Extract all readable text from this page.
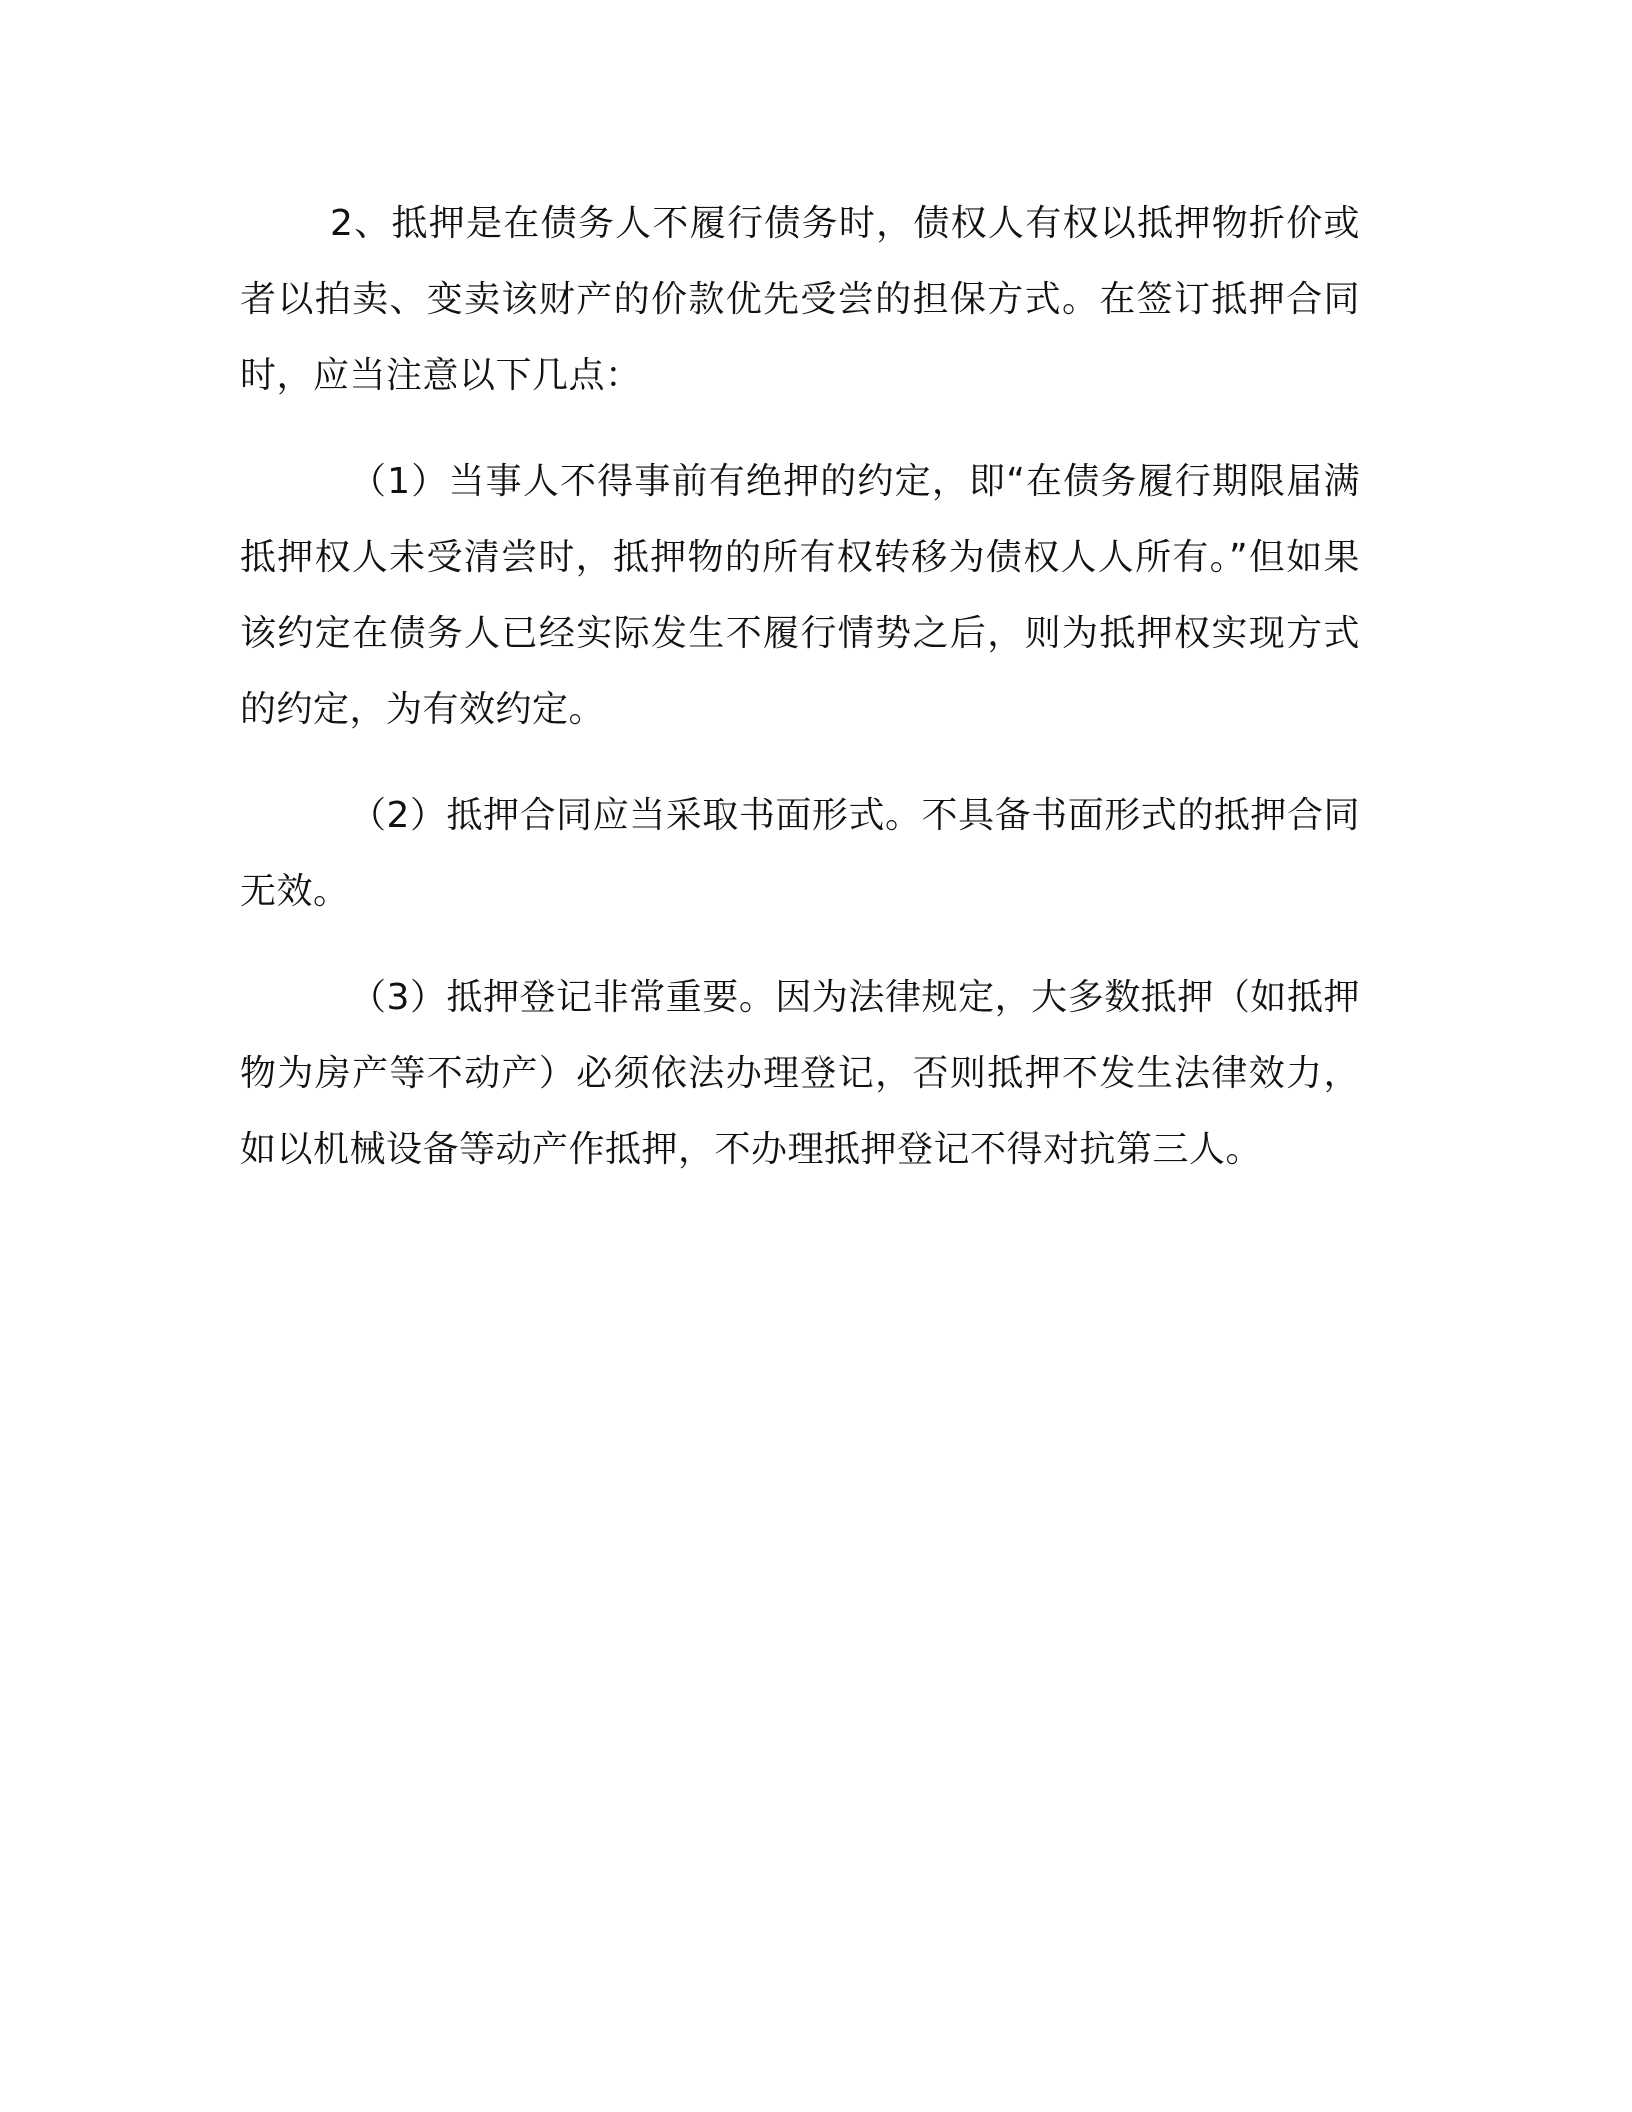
2、抵押是在债务人不履行债务时，债权人有权以抵押物折价或者以拍卖、变卖该财产的价款优先受尝的担保方式。在签订抵押合同时，应当注意以下几点：

（1）当事人不得事前有绝押的约定，即“在债务履行期限届满抵押权人未受清尝时，抵押物的所有权转移为债权人人所有。”但如果该约定在债务人已经实际发生不履行情势之后，则为抵押权实现方式的约定，为有效约定。

（2）抵押合同应当采取书面形式。不具备书面形式的抵押合同无效。

（3）抵押登记非常重要。因为法律规定，大多数抵押（如抵押物为房产等不动产）必须依法办理登记，否则抵押不发生法律效力，如以机械设备等动产作抵押，不办理抵押登记不得对抗第三人。
